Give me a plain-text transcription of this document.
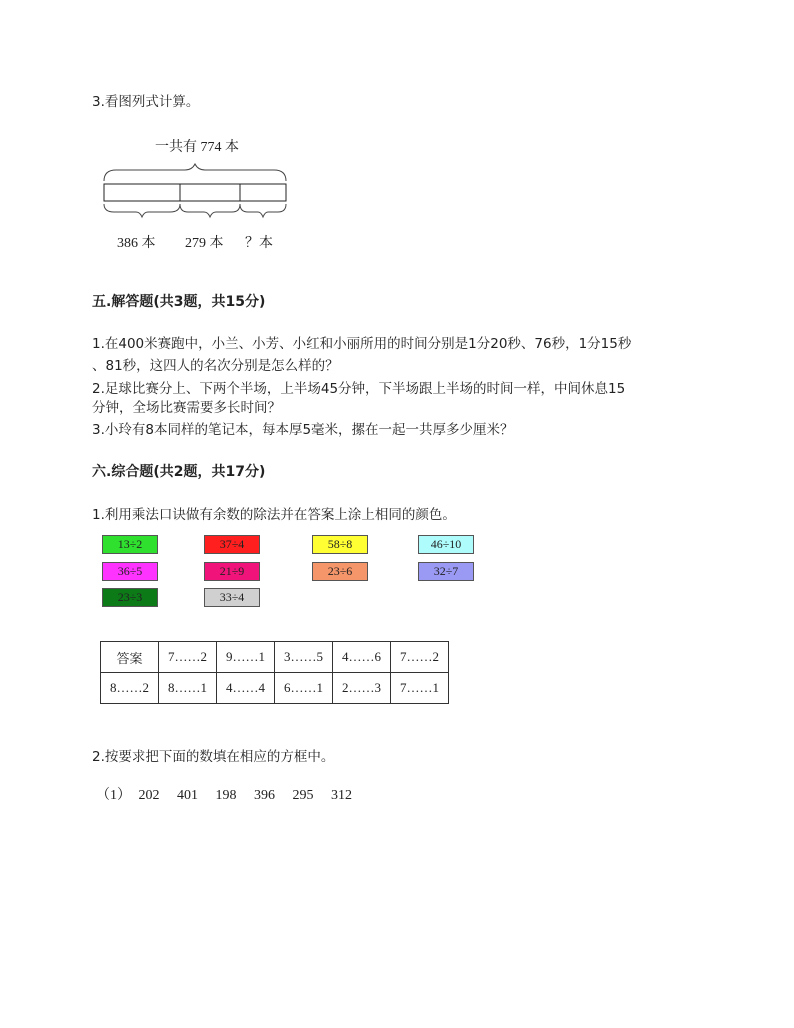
3.看图列式计算。
一共有 774 本
386 本 279 本 ？本
五.解答题(共3题，共15分)
1.在400米赛跑中，小兰、小芳、小红和小丽所用的时间分别是1分20秒、76秒，1分15秒
、81秒，这四人的名次分别是怎么样的？
2.足球比赛分上、下两个半场，上半场45分钟，下半场跟上半场的时间一样，中间休息15
分钟，全场比赛需要多长时间？
3.小玲有8本同样的笔记本，每本厚5毫米，摞在一起一共厚多少厘米？
六.综合题(共2题，共17分)
1.利用乘法口诀做有余数的除法并在答案上涂上相同的颜色。
13÷2	37÷4	58÷8	46÷10
36÷5	21÷9	23÷6	32÷7
23÷3	33÷4
答案	7……2	9……1	3……5	4……6	7……2
8……2	8……1	4……4	6……1	2……3	7……1
2.按要求把下面的数填在相应的方框中。
（1） 202 401 198 396 295 312
